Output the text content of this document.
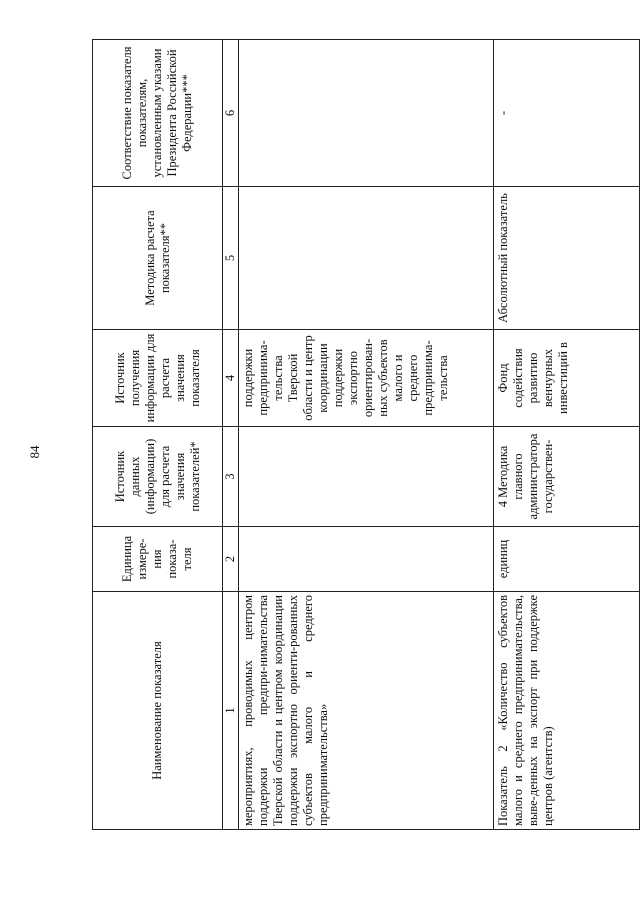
84
Наименование показателя	Единица измере-ния показа-теля	Источник данных (информации) для расчета значения показателей*	Источник получения информации для расчета значения показателя	Методика расчета показателя**	Соответствие показателя показателям, установленным указами Президента Российской Федерации***
1	2	3	4	5	6
мероприятиях, проводимых центром поддержки предпри-нимательства Тверской области и центром координации поддержки экспортно ориенти-рованных субъектов малого и среднего предпринимательства»			поддержки предпринима-тельства Тверской области и центр координации поддержки экспортно ориентирован-ных субъектов малого и среднего предпринима-тельства		
Показатель 2 «Количество субъектов малого и среднего предпринимательства, выве-денных на экспорт при поддержке центров (агентств)	единиц	4 Методика главного администратора государствен-	Фонд содействия развитию венчурных инвестиций в	Абсолютный показатель	-
